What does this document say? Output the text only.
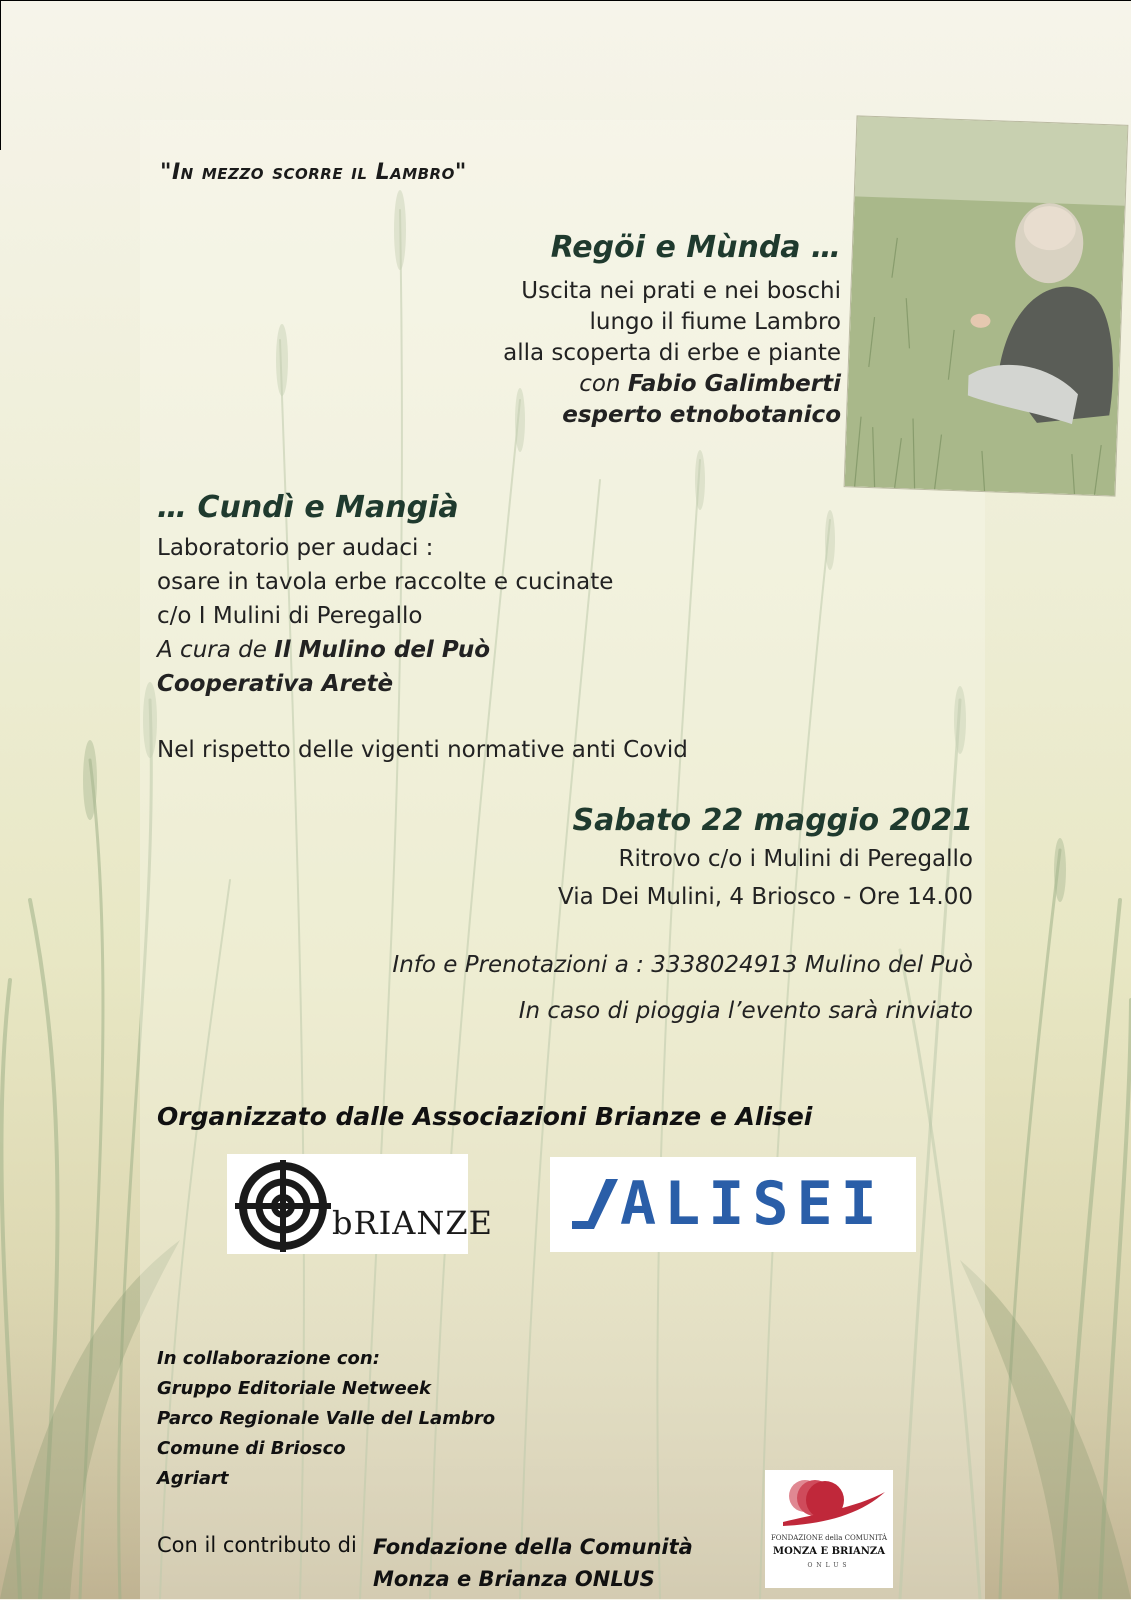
"In mezzo scorre il Lambro"
Regöi e Mùnda …
Uscita nei prati e nei boschi
lungo il fiume Lambro
alla scoperta di erbe e piante
con Fabio Galimberti
esperto etnobotanico
… Cundì e Mangià
Laboratorio per audaci :
osare in tavola erbe raccolte e cucinate
c/o I Mulini di Peregallo
A cura de Il Mulino del Può
Cooperativa Aretè
Nel rispetto delle vigenti normative anti Covid
Sabato 22 maggio 2021
Ritrovo c/o i Mulini di Peregallo
Via Dei Mulini, 4 Briosco - Ore 14.00
Info e Prenotazioni a : 3338024913 Mulino del Può
In caso di pioggia l’evento sarà rinviato
Organizzato dalle Associazioni Brianze e Alisei
bRIANZE ALISEI
In collaborazione con:
Gruppo Editoriale Netweek
Parco Regionale Valle del Lambro
Comune di Briosco
Agriart
Con il contributo di Fondazione della Comunità
Monza e Brianza ONLUS
FONDAZIONE della COMUNITÀ
MONZA E BRIANZA
ONLUS
